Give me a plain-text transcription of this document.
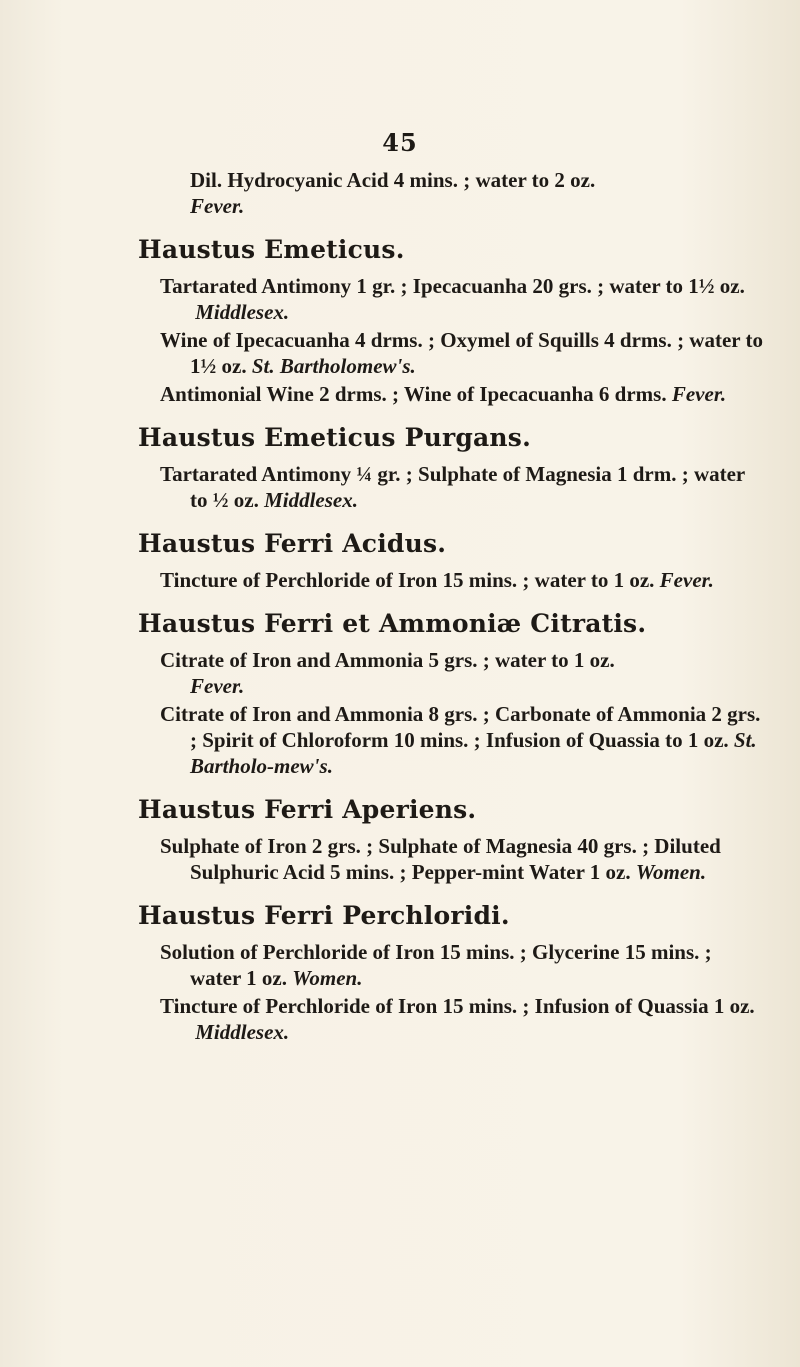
45
Dil. Hydrocyanic Acid 4 mins. ; water to 2 oz.
Fever.
Haustus Emeticus.
Tartarated Antimony 1 gr. ; Ipecacuanha 20 grs. ; water to 1½ oz. Middlesex.
Wine of Ipecacuanha 4 drms. ; Oxymel of Squills 4 drms. ; water to 1½ oz. St. Bartholomew's.
Antimonial Wine 2 drms. ; Wine of Ipecacuanha 6 drms. Fever.
Haustus Emeticus Purgans.
Tartarated Antimony ¼ gr. ; Sulphate of Magnesia 1 drm. ; water to ½ oz. Middlesex.
Haustus Ferri Acidus.
Tincture of Perchloride of Iron 15 mins. ; water to 1 oz. Fever.
Haustus Ferri et Ammoniæ Citratis.
Citrate of Iron and Ammonia 5 grs. ; water to 1 oz.
Fever.
Citrate of Iron and Ammonia 8 grs. ; Carbonate of Ammonia 2 grs. ; Spirit of Chloroform 10 mins. ; Infusion of Quassia to 1 oz. St. Bartholo-mew's.
Haustus Ferri Aperiens.
Sulphate of Iron 2 grs. ; Sulphate of Magnesia 40 grs. ; Diluted Sulphuric Acid 5 mins. ; Pepper-mint Water 1 oz. Women.
Haustus Ferri Perchloridi.
Solution of Perchloride of Iron 15 mins. ; Glycerine 15 mins. ; water 1 oz. Women.
Tincture of Perchloride of Iron 15 mins. ; Infusion of Quassia 1 oz. Middlesex.
